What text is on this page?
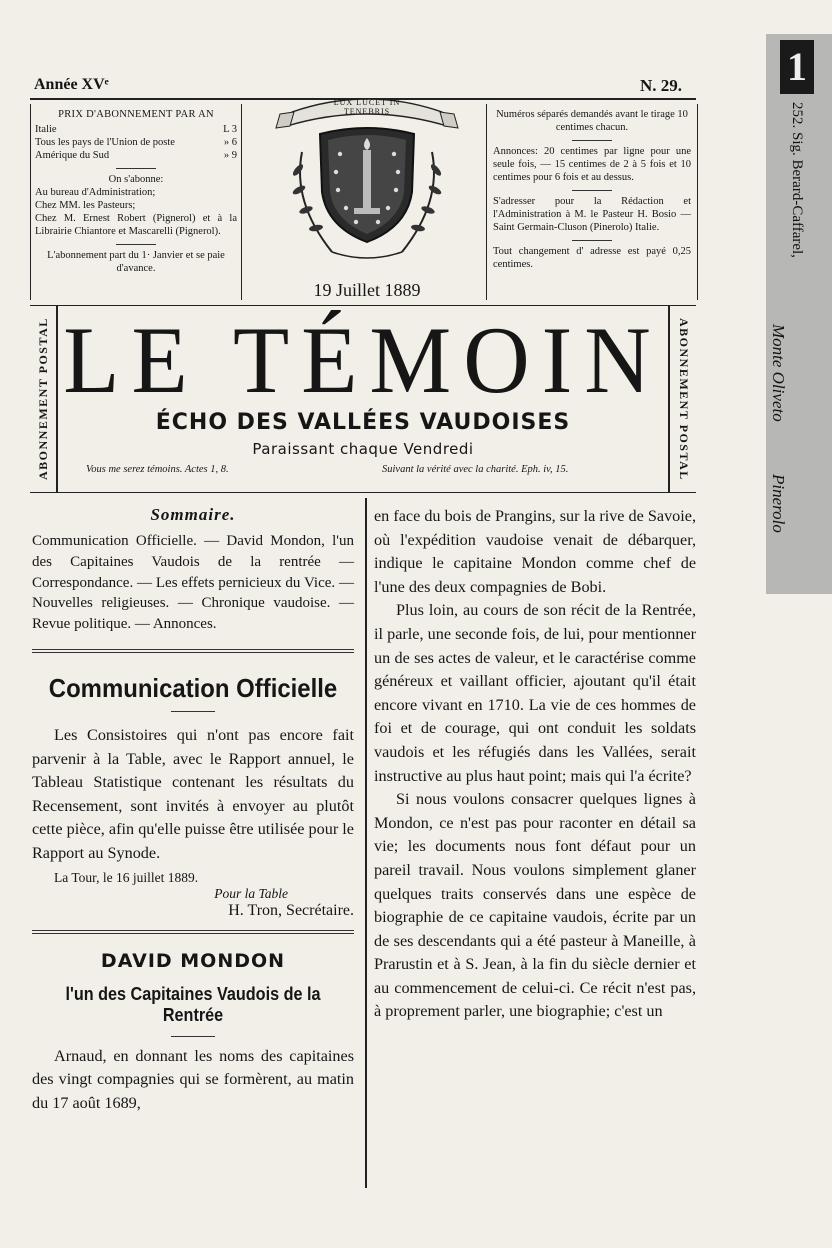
Année XVᵉ	N. 29.
PRIX D'ABONNEMENT PAR AN
Italie	L 3
Tous les pays de l'Union de poste	» 6
Amérique du Sud	» 9
On s'abonne:
Au bureau d'Administration;
Chez MM. les Pasteurs;
Chez M. Ernest Robert (Pignerol) et à la Librairie Chiantore et Mascarelli (Pignerol).
L'abonnement part du 1· Janvier et se paie d'avance.
LUX LUCET IN TENEBRIS
19 Juillet 1889
Numéros séparés demandés avant le tirage 10 centimes chacun.
Annonces: 20 centimes par ligne pour une seule fois, — 15 centimes de 2 à 5 fois et 10 centimes pour 6 fois et au dessus.
S'adresser pour la Rédaction et l'Administration à M. le Pasteur H. Bosio — Saint Germain-Cluson (Pinerolo) Italie.
Tout changement d' adresse est payé 0,25 centimes.
ABONNEMENT POSTAL	ABONNEMENT POSTAL
LE TÉMOIN
ÉCHO DES VALLÉES VAUDOISES
Paraissant chaque Vendredi
Vous me serez témoins. Actes 1, 8.	Suivant la vérité avec la charité. Eph. iv, 15.
1
252. Sig. Berard-Caffarel,
Monte Oliveto
Pinerolo
Sommaire.
Communication Officielle. — David Mondon, l'un des Capitaines Vaudois de la rentrée — Correspondance. — Les effets pernicieux du Vice. — Nouvelles religieuses. — Chronique vaudoise. — Revue politique. — Annonces.
Communication Officielle

Les Consistoires qui n'ont pas encore fait parvenir à la Table, avec le Rapport annuel, le Tableau Statistique contenant les résultats du Recensement, sont invités à envoyer au plutôt cette pièce, afin qu'elle puisse être utilisée pour le Rapport au Synode.

La Tour, le 16 juillet 1889.
Pour la Table
H. Tron, Secrétaire.
DAVID MONDON
l'un des Capitaines Vaudois de la Rentrée

Arnaud, en donnant les noms des capitaines des vingt compagnies qui se formèrent, au matin du 17 août 1689,

en face du bois de Prangins, sur la rive de Savoie, où l'expédition vaudoise venait de débarquer, indique le capitaine Mondon comme chef de l'une des deux compagnies de Bobi.

Plus loin, au cours de son récit de la Rentrée, il parle, une seconde fois, de lui, pour mentionner un de ses actes de valeur, et le caractérise comme généreux et vaillant officier, ajoutant qu'il était encore vivant en 1710. La vie de ces hommes de foi et de courage, qui ont conduit les soldats vaudois et les réfugiés dans les Vallées, serait instructive au plus haut point; mais qui l'a écrite?

Si nous voulons consacrer quelques lignes à Mondon, ce n'est pas pour raconter en détail sa vie; les documents nous font défaut pour un pareil travail. Nous voulons simplement glaner quelques traits conservés dans une espèce de biographie de ce capitaine vaudois, écrite par un de ses descendants qui a été pasteur à Maneille, à Prarustin et à S. Jean, à la fin du siècle dernier et au commencement de celui-ci. Ce récit n'est pas, à proprement parler, une biographie; c'est un
